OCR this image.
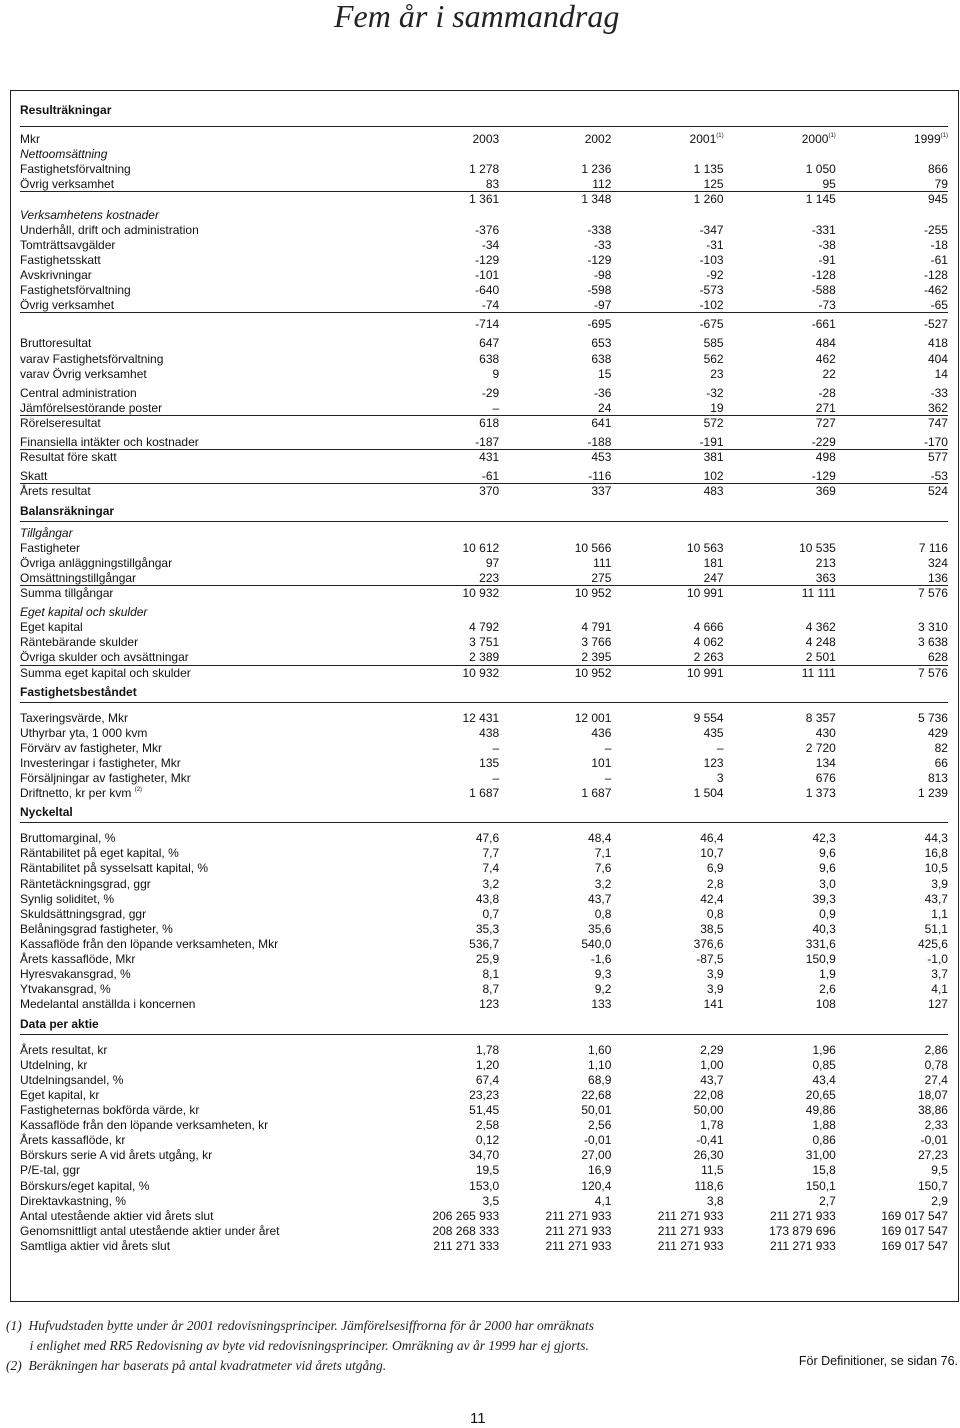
Fem år i sammandrag
Resulträkningar
Mkr	2003	2002	2001$^{(1)}$	2000$^{(1)}$	1999$^{(1)}$
Nettoomsättning
Fastighetsförvaltning	1 278	1 236	1 135	1 050	866
Övrig verksamhet	83	112	125	95	79
1 361	1 348	1 260	1 145	945
Verksamhetens kostnader
Underhåll, drift och administration	-376	-338	-347	-331	-255
Tomträttsavgälder	-34	-33	-31	-38	-18
Fastighetsskatt	-129	-129	-103	-91	-61
Avskrivningar	-101	-98	-92	-128	-128
Fastighetsförvaltning	-640	-598	-573	-588	-462
Övrig verksamhet	-74	-97	-102	-73	-65
-714	-695	-675	-661	-527
Bruttoresultat	647	653	585	484	418
varav Fastighetsförvaltning	638	638	562	462	404
varav Övrig verksamhet	9	15	23	22	14
Central administration	-29	-36	-32	-28	-33
Jämförelsestörande poster	–	24	19	271	362
Rörelseresultat	618	641	572	727	747
Finansiella intäkter och kostnader	-187	-188	-191	-229	-170
Resultat före skatt	431	453	381	498	577
Skatt	-61	-116	102	-129	-53
Årets resultat	370	337	483	369	524
Balansräkningar
Tillgångar
Fastigheter	10 612	10 566	10 563	10 535	7 116
Övriga anläggningstillgångar	97	111	181	213	324
Omsättningstillgångar	223	275	247	363	136
Summa tillgångar	10 932	10 952	10 991	11 111	7 576
Eget kapital och skulder
Eget kapital	4 792	4 791	4 666	4 362	3 310
Räntebärande skulder	3 751	3 766	4 062	4 248	3 638
Övriga skulder och avsättningar	2 389	2 395	2 263	2 501	628
Summa eget kapital och skulder	10 932	10 952	10 991	11 111	7 576
Fastighetsbeståndet
Taxeringsvärde, Mkr	12 431	12 001	9 554	8 357	5 736
Uthyrbar yta, 1 000 kvm	438	436	435	430	429
Förvärv av fastigheter, Mkr	–	–	–	2 720	82
Investeringar i fastigheter, Mkr	135	101	123	134	66
Försäljningar av fastigheter, Mkr	–	–	3	676	813
Driftnetto, kr per kvm $^{(2)}$	1 687	1 687	1 504	1 373	1 239
Nyckeltal
Bruttomarginal, %	47,6	48,4	46,4	42,3	44,3
Räntabilitet på eget kapital, %	7,7	7,1	10,7	9,6	16,8
Räntabilitet på sysselsatt kapital, %	7,4	7,6	6,9	9,6	10,5
Räntetäckningsgrad, ggr	3,2	3,2	2,8	3,0	3,9
Synlig soliditet, %	43,8	43,7	42,4	39,3	43,7
Skuldsättningsgrad, ggr	0,7	0,8	0,8	0,9	1,1
Belåningsgrad fastigheter, %	35,3	35,6	38,5	40,3	51,1
Kassaflöde från den löpande verksamheten, Mkr	536,7	540,0	376,6	331,6	425,6
Årets kassaflöde, Mkr	25,9	-1,6	-87,5	150,9	-1,0
Hyresvakansgrad, %	8,1	9,3	3,9	1,9	3,7
Ytvakansgrad, %	8,7	9,2	3,9	2,6	4,1
Medelantal anställda i koncernen	123	133	141	108	127
Data per aktie
Årets resultat, kr	1,78	1,60	2,29	1,96	2,86
Utdelning, kr	1,20	1,10	1,00	0,85	0,78
Utdelningsandel, %	67,4	68,9	43,7	43,4	27,4
Eget kapital, kr	23,23	22,68	22,08	20,65	18,07
Fastigheternas bokförda värde, kr	51,45	50,01	50,00	49,86	38,86
Kassaflöde från den löpande verksamheten, kr	2,58	2,56	1,78	1,88	2,33
Årets kassaflöde, kr	0,12	-0,01	-0,41	0,86	-0,01
Börskurs serie A vid årets utgång, kr	34,70	27,00	26,30	31,00	27,23
P/E-tal, ggr	19,5	16,9	11,5	15,8	9,5
Börskurs/eget kapital, %	153,0	120,4	118,6	150,1	150,7
Direktavkastning, %	3,5	4,1	3,8	2,7	2,9
Antal utestående aktier vid årets slut	206 265 933	211 271 933	211 271 933	211 271 933	169 017 547
Genomsnittligt antal utestående aktier under året	208 268 333	211 271 933	211 271 933	173 879 696	169 017 547
Samtliga aktier vid årets slut	211 271 333	211 271 933	211 271 933	211 271 933	169 017 547
(1)  Hufvudstaden bytte under år 2001 redovisningsprinciper. Jämförelsesiffrorna för år 2000 har omräknats
i enlighet med RR5 Redovisning av byte vid redovisningsprinciper. Omräkning av år 1999 har ej gjorts.
(2)  Beräkningen har baserats på antal kvadratmeter vid årets utgång.	För Definitioner, se sidan 76.
11
